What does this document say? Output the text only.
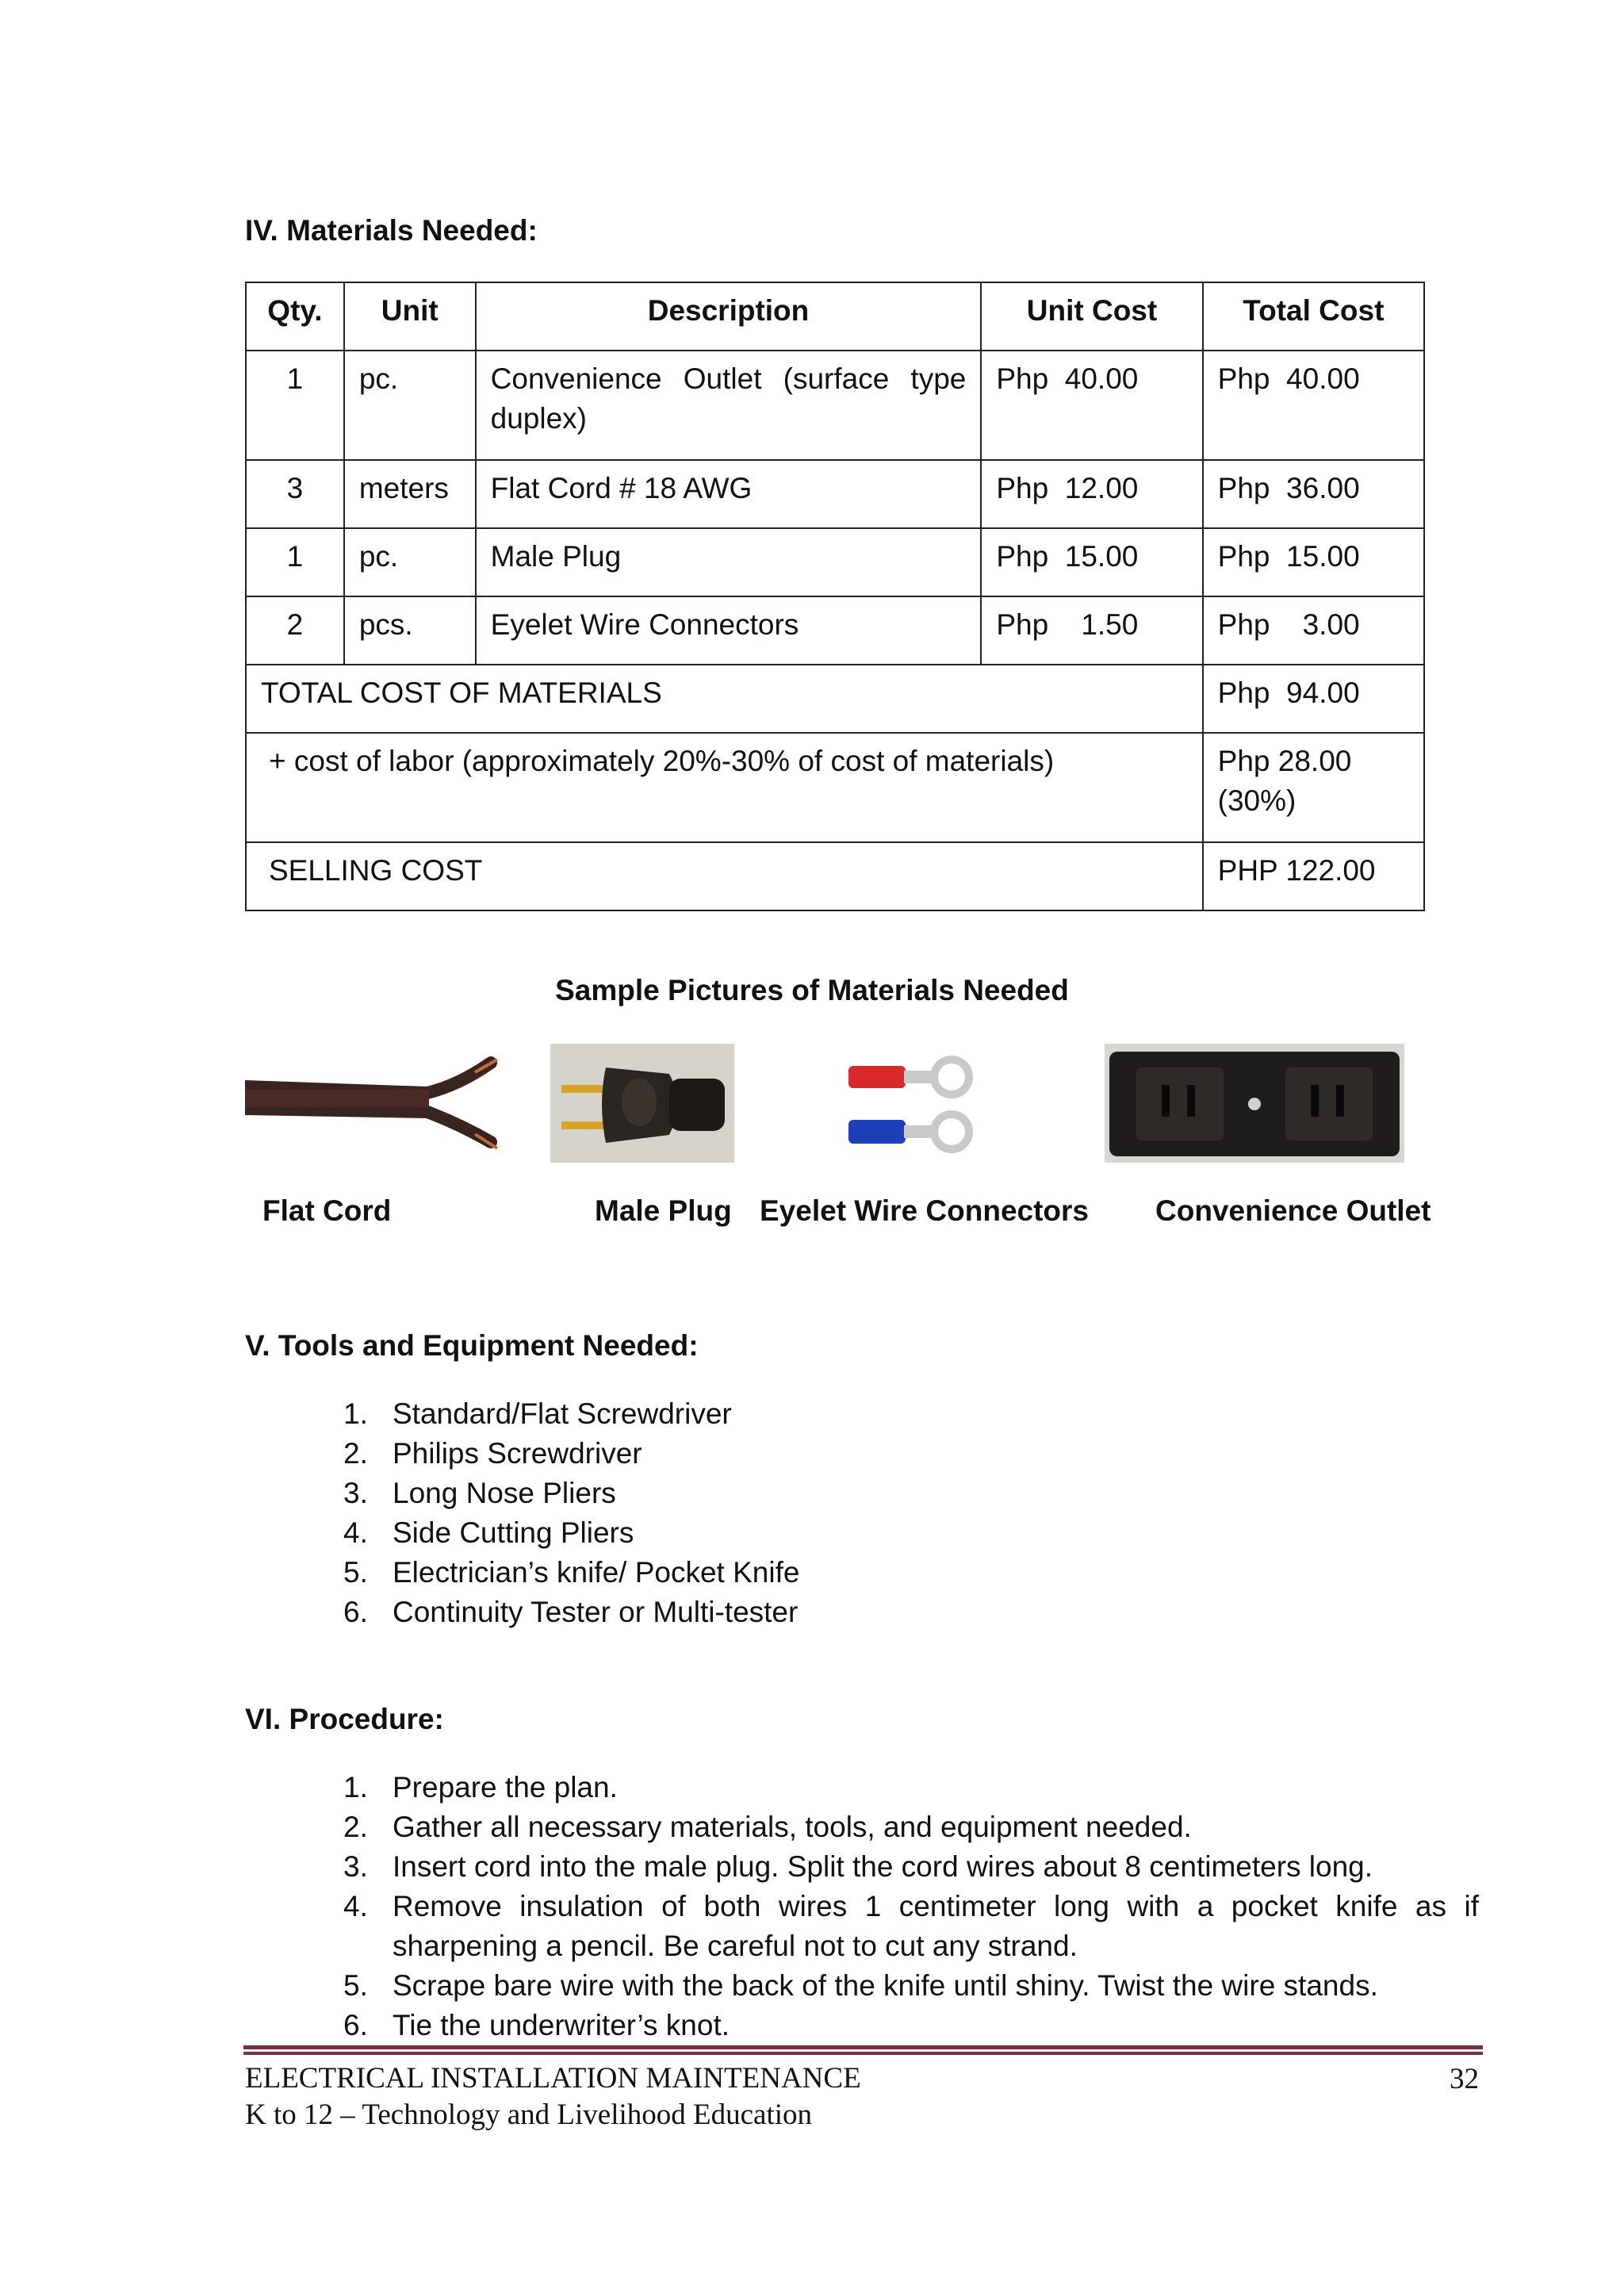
IV. Materials Needed:
Qty.	Unit	Description	Unit Cost	Total Cost
1	pc.	Convenience Outlet (surface type duplex)	Php  40.00	Php  40.00
3	meters	Flat Cord # 18 AWG	Php  12.00	Php  36.00
1	pc.	Male Plug	Php  15.00	Php  15.00
2	pcs.	Eyelet Wire Connectors	Php    1.50	Php    3.00
TOTAL COST OF MATERIALS				Php  94.00
+ cost of labor (approximately 20%-30% of cost of materials)				Php 28.00
(30%)

SELLING COST				PHP 122.00
Sample Pictures of Materials Needed
Flat Cord	Male Plug Eyelet Wire Connectors Convenience Outlet
V. Tools and Equipment Needed:
1. Standard/Flat Screwdriver
2. Philips Screwdriver
3. Long Nose Pliers
4. Side Cutting Pliers
5. Electrician’s knife/ Pocket Knife
6. Continuity Tester or Multi-tester
VI. Procedure:
1. Prepare the plan.
2. Gather all necessary materials, tools, and equipment needed.
3. Insert cord into the male plug. Split the cord wires about 8 centimeters long.
4. Remove insulation of both wires 1 centimeter long with a pocket knife as if sharpening a pencil. Be careful not to cut any strand.
5. Scrape bare wire with the back of the knife until shiny. Twist the wire stands.
6. Tie the underwriter’s knot.
ELECTRICAL INSTALLATION MAINTENANCE
K to 12 – Technology and Livelihood Education
32
